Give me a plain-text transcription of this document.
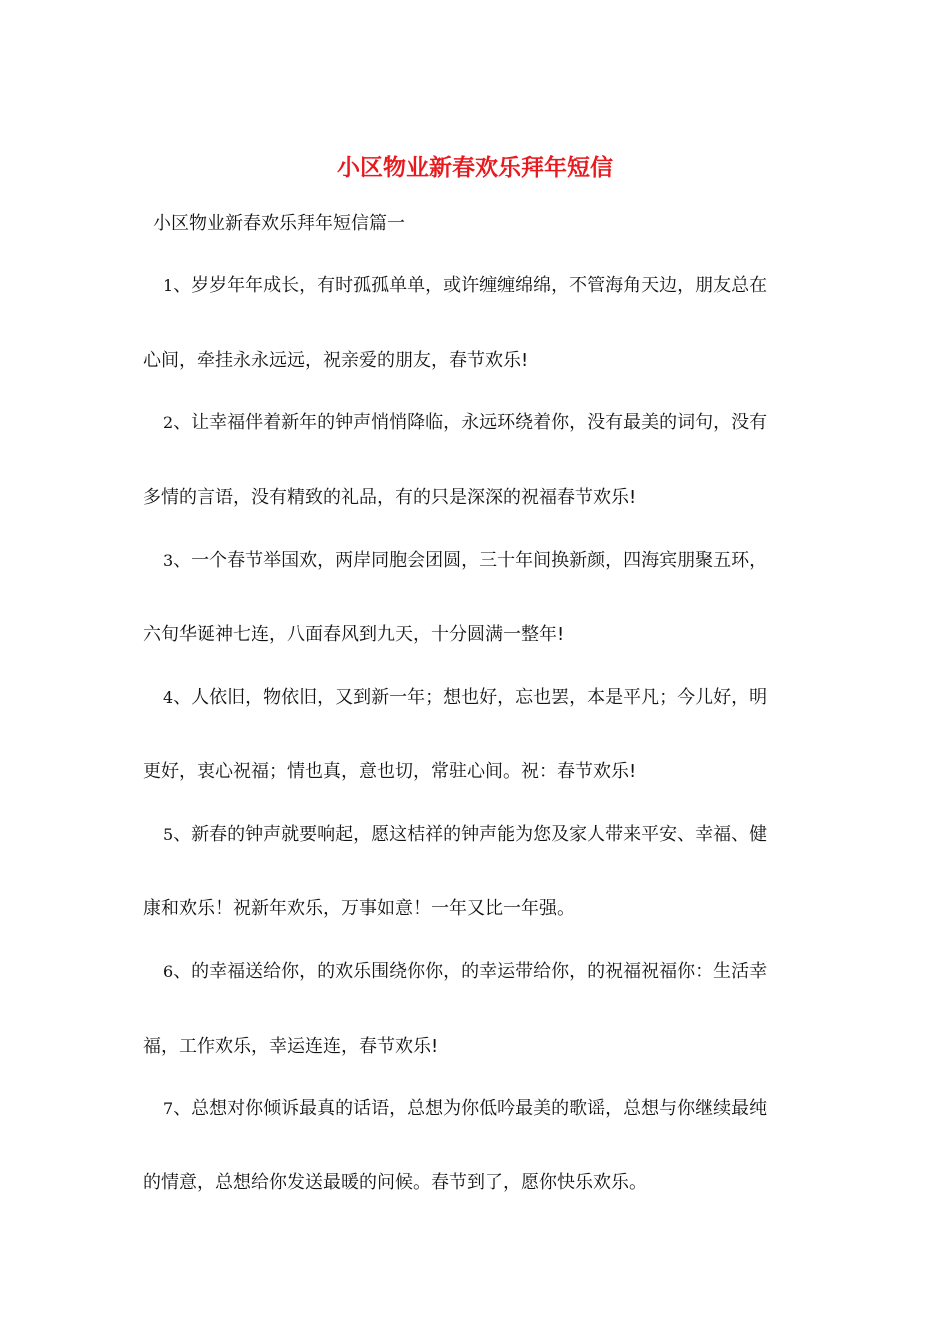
小区物业新春欢乐拜年短信
小区物业新春欢乐拜年短信篇一
1、岁岁年年成长，有时孤孤单单，或许缠缠绵绵，不管海角天边，朋友总在
心间，牵挂永永远远，祝亲爱的朋友，春节欢乐!
2、让幸福伴着新年的钟声悄悄降临，永远环绕着你，没有最美的词句，没有
多情的言语，没有精致的礼品，有的只是深深的祝福春节欢乐!
3、一个春节举国欢，两岸同胞会团圆，三十年间换新颜，四海宾朋聚五环，
六旬华诞神七连，八面春风到九天，十分圆满一整年!
4、人依旧，物依旧，又到新一年；想也好，忘也罢，本是平凡；今儿好，明
更好，衷心祝福；情也真，意也切，常驻心间。祝：春节欢乐!
5、新春的钟声就要响起，愿这桔祥的钟声能为您及家人带来平安、幸福、健
康和欢乐！祝新年欢乐，万事如意！一年又比一年强。
6、的幸福送给你，的欢乐围绕你你，的幸运带给你，的祝福祝福你：生活幸
福，工作欢乐，幸运连连，春节欢乐!
7、总想对你倾诉最真的话语，总想为你低吟最美的歌谣，总想与你继续最纯
的情意，总想给你发送最暖的问候。春节到了，愿你快乐欢乐。
